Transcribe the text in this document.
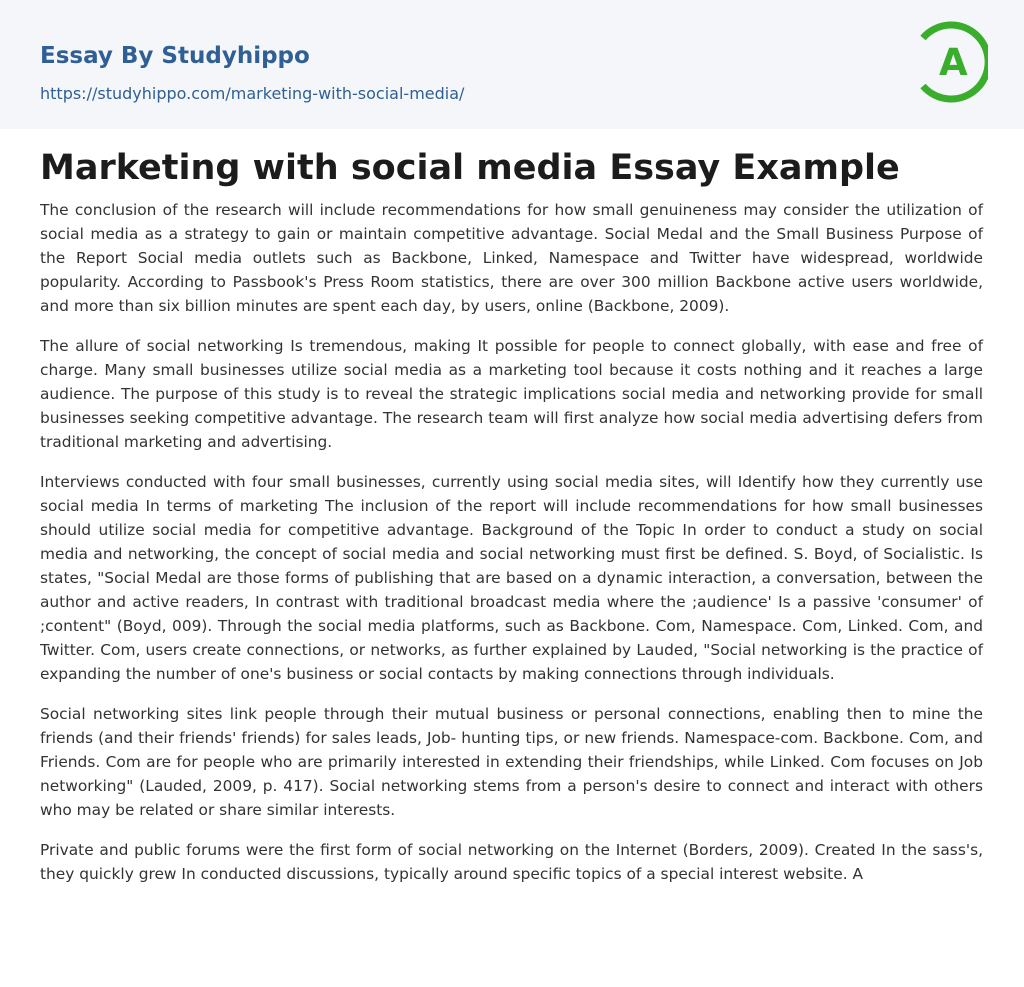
Essay By Studyhippo
https://studyhippo.com/marketing-with-social-media/
A
Marketing with social media Essay Example

The conclusion of the research will include recommendations for how small genuineness may consider the utilization of social media as a strategy to gain or maintain competitive advantage. Social Medal and the Small Business Purpose of the Report Social media outlets such as Backbone, Linked, Namespace and Twitter have widespread, worldwide popularity. According to Passbook's Press Room statistics, there are over 300 million Backbone active users worldwide, and more than six billion minutes are spent each day, by users, online (Backbone, 2009).

The allure of social networking Is tremendous, making It possible for people to connect globally, with ease and free of charge. Many small businesses utilize social media as a marketing tool because it costs nothing and it reaches a large audience. The purpose of this study is to reveal the strategic implications social media and networking provide for small businesses seeking competitive advantage. The research team will first analyze how social media advertising defers from traditional marketing and advertising.

Interviews conducted with four small businesses, currently using social media sites, will Identify how they currently use social media In terms of marketing The inclusion of the report will include recommendations for how small businesses should utilize social media for competitive advantage. Background of the Topic In order to conduct a study on social media and networking, the concept of social media and social networking must first be defined. S. Boyd, of Socialistic. Is states, "Social Medal are those forms of publishing that are based on a dynamic interaction, a conversation, between the author and active readers, In contrast with traditional broadcast media where the ;audience' Is a passive 'consumer' of ;content" (Boyd, 009). Through the social media platforms, such as Backbone. Com, Namespace. Com, Linked. Com, and Twitter. Com, users create connections, or networks, as further explained by Lauded, "Social networking is the practice of expanding the number of one's business or social contacts by making connections through individuals.

Social networking sites link people through their mutual business or personal connections, enabling then to mine the friends (and their friends' friends) for sales leads, Job- hunting tips, or new friends. Namespace-com. Backbone. Com, and Friends. Com are for people who are primarily interested in extending their friendships, while Linked. Com focuses on Job networking" (Lauded, 2009, p. 417). Social networking stems from a person's desire to connect and interact with others who may be related or share similar interests.

Private and public forums were the first form of social networking on the Internet (Borders, 2009). Created In the sass's, they quickly grew In conducted discussions, typically around specific topics of a special interest website. A
